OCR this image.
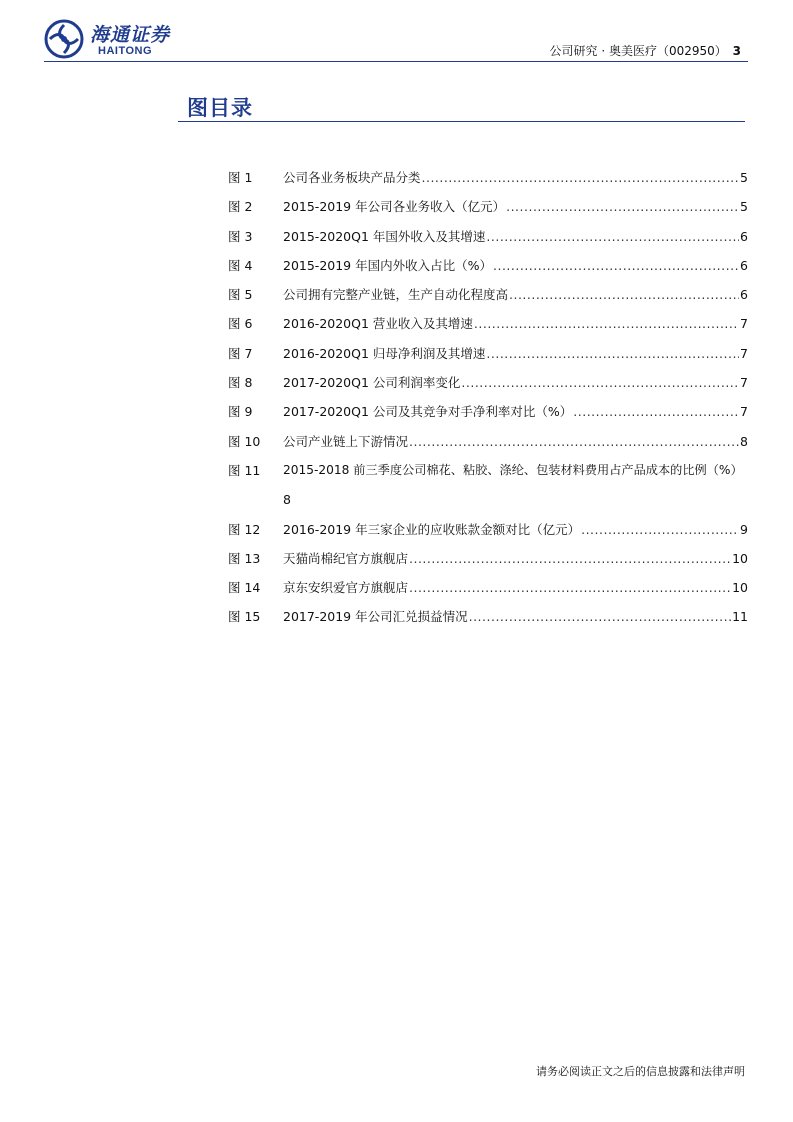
海通证券
HAITONG	公司研究 · 奥美医疗（002950） 3
图目录
图 1	公司各业务板块产品分类 .....	5
图 2	2015-2019 年公司各业务收入（亿元） .....	5
图 3	2015-2020Q1 年国外收入及其增速 .....	6
图 4	2015-2019 年国内外收入占比（%） .....	6
图 5	公司拥有完整产业链，生产自动化程度高 .....	6
图 6	2016-2020Q1 营业收入及其增速 .....	7
图 7	2016-2020Q1 归母净利润及其增速 .....	7
图 8	2017-2020Q1 公司利润率变化 .....	7
图 9	2017-2020Q1 公司及其竞争对手净利率对比（%） .....	7
图 10	公司产业链上下游情况 .....	8
图 11	2015-2018 前三季度公司棉花、粘胶、涤纶、包装材料费用占产品成本的比例（%）
8
图 12	2016-2019 年三家企业的应收账款金额对比（亿元） .....	9
图 13	天猫尚棉纪官方旗舰店 .....	10
图 14	京东安织爱官方旗舰店 .....	10
图 15	2017-2019 年公司汇兑损益情况 .....	11
请务必阅读正文之后的信息披露和法律声明
